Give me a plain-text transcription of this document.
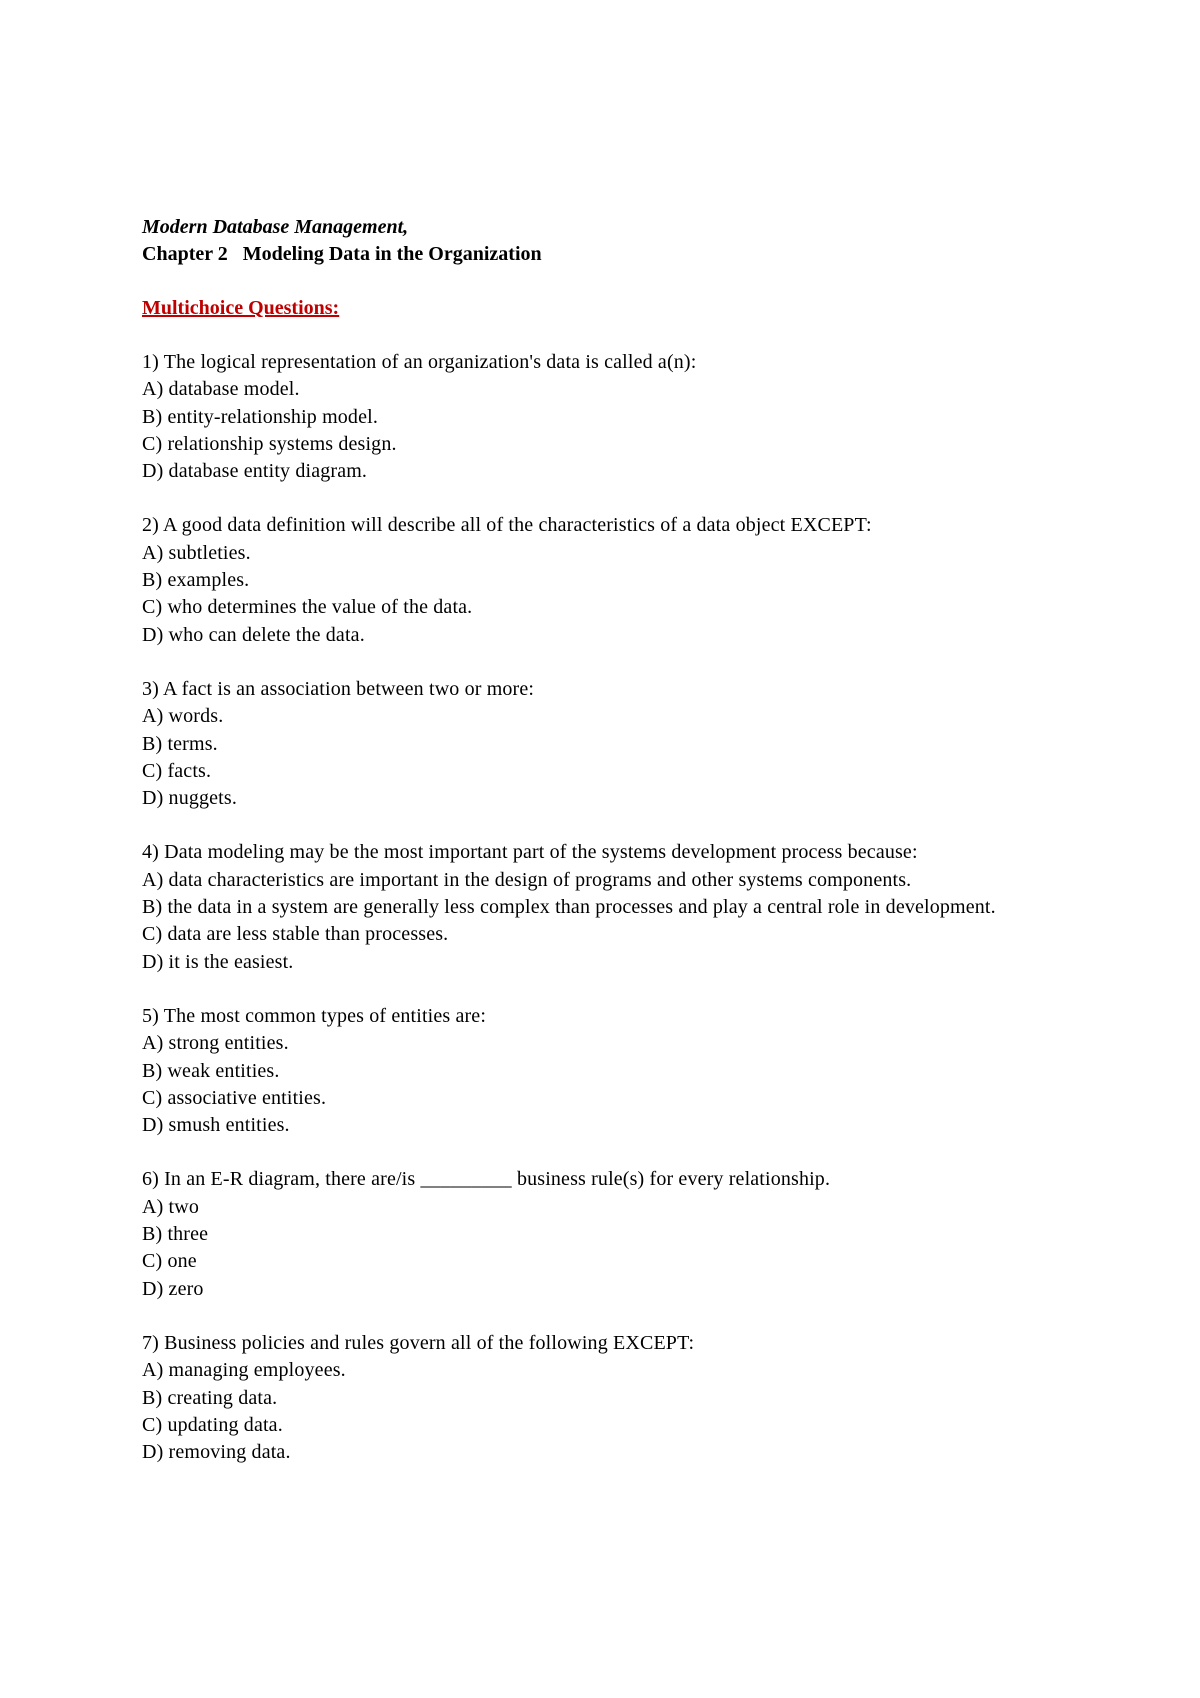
Modern Database Management,
Chapter 2   Modeling Data in the Organization
Multichoice Questions:
1) The logical representation of an organization's data is called a(n):
A) database model.
B) entity-relationship model.
C) relationship systems design.
D) database entity diagram.
2) A good data definition will describe all of the characteristics of a data object EXCEPT:
A) subtleties.
B) examples.
C) who determines the value of the data.
D) who can delete the data.
3) A fact is an association between two or more:
A) words.
B) terms.
C) facts.
D) nuggets.
4) Data modeling may be the most important part of the systems development process because:
A) data characteristics are important in the design of programs and other systems components.
B) the data in a system are generally less complex than processes and play a central role in development.
C) data are less stable than processes.
D) it is the easiest.
5) The most common types of entities are:
A) strong entities.
B) weak entities.
C) associative entities.
D) smush entities.
6) In an E-R diagram, there are/is _________ business rule(s) for every relationship.
A) two
B) three
C) one
D) zero
7) Business policies and rules govern all of the following EXCEPT:
A) managing employees.
B) creating data.
C) updating data.
D) removing data.
